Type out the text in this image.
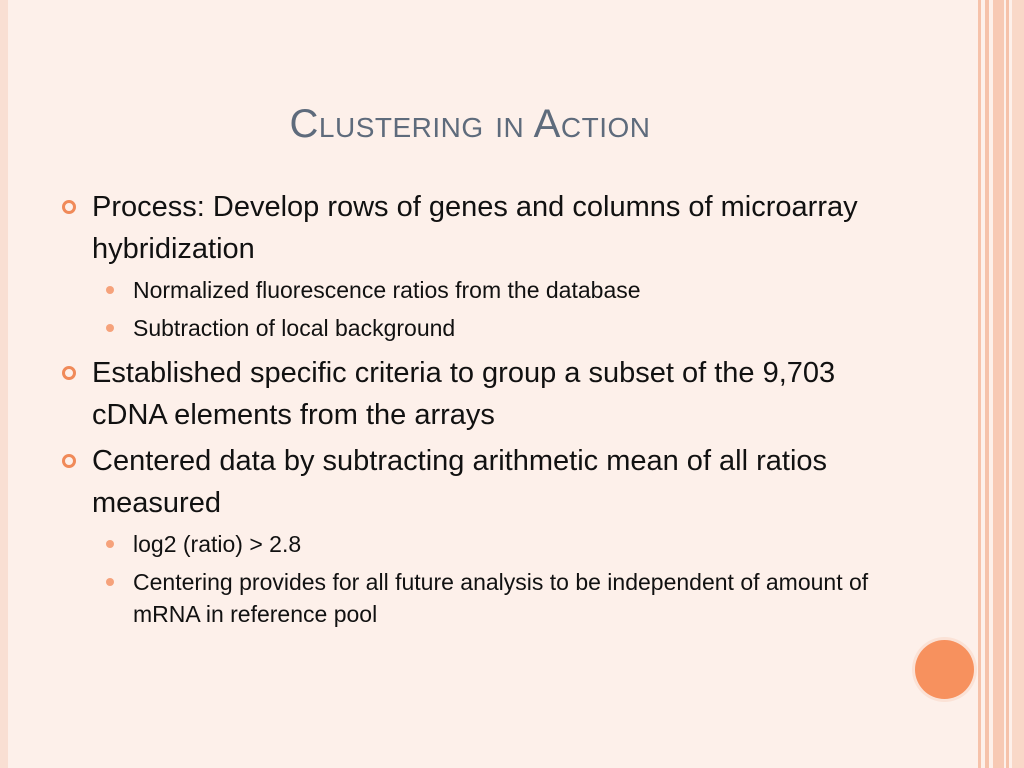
Clustering in Action
Process: Develop rows of genes and columns of microarray hybridization
Normalized fluorescence ratios from the database
Subtraction of local background
Established specific criteria to group a subset of the 9,703 cDNA elements from the arrays
Centered data by subtracting arithmetic mean of all ratios measured
log2 (ratio) > 2.8
Centering provides for all future analysis to be independent of amount of mRNA in reference pool
